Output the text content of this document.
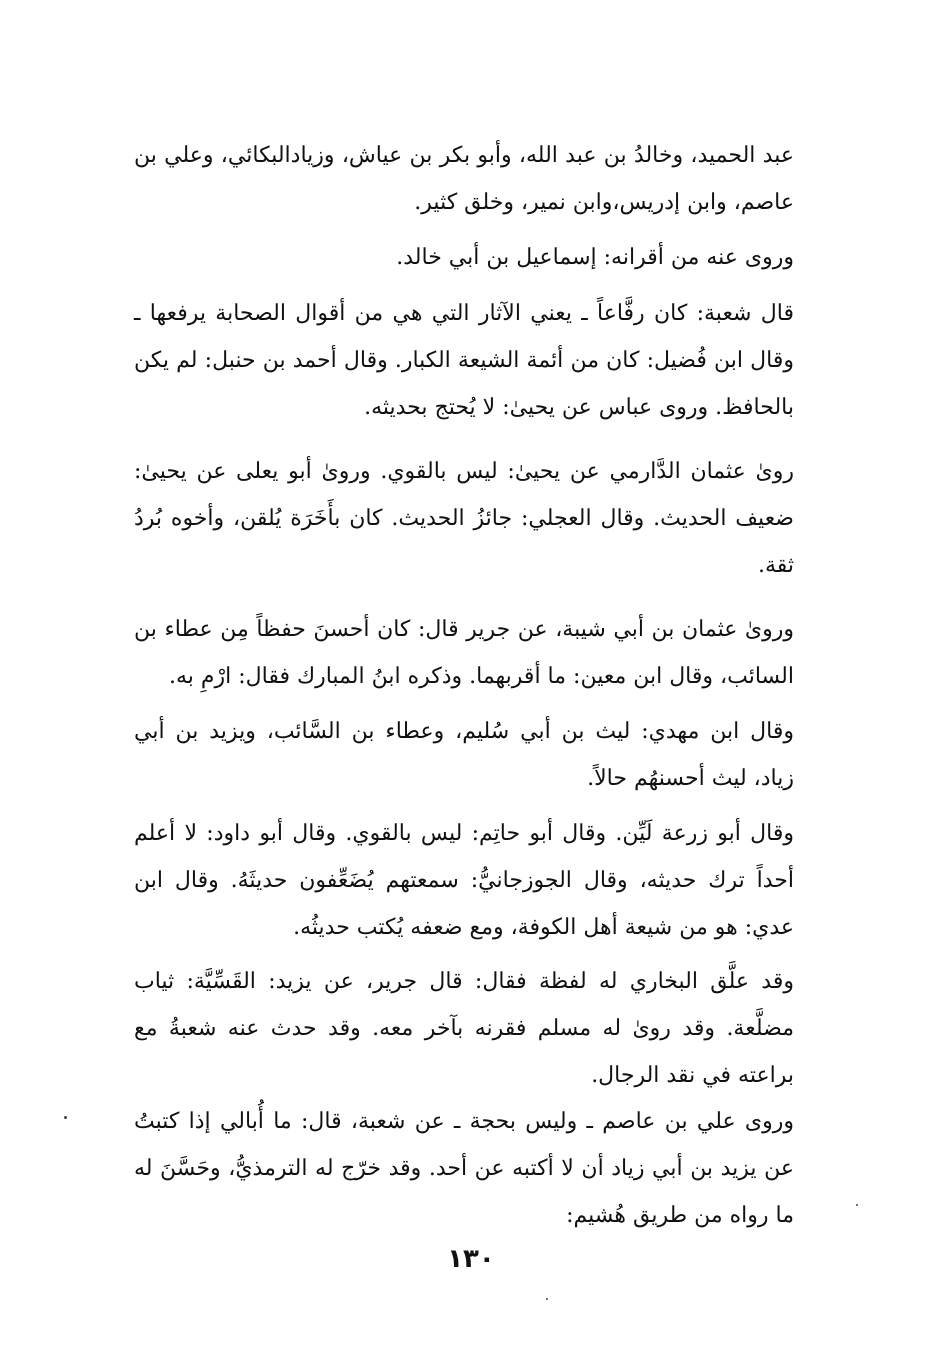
عبد الحميد، وخالدُ بن عبد الله، وأبو بكر بن عياش، وزيادالبكائي، وعلي بن عاصم، وابن إدريس،وابن نمير، وخلق كثير.

وروى عنه من أقرانه: إسماعيل بن أبي خالد.

قال شعبة: كان رفَّاعاً ـ يعني الآثار التي هي من أقوال الصحابة يرفعها ـ وقال ابن فُضيل: كان من أئمة الشيعة الكبار. وقال أحمد بن حنبل: لم يكن بالحافظ. وروى عباس عن يحيىٰ: لا يُحتج بحديثه.

روىٰ عثمان الدَّارمي عن يحيىٰ: ليس بالقوي. ورو‌ىٰ أبو يعلى عن يحيىٰ: ضعيف الحديث. وقال العجلي: جائزُ الحديث. كان بأَخَرَة يُلقن، وأخوه بُردُ ثقة.

ورو‌ىٰ عثمان بن أبي شيبة، عن جرير قال: كان أحسنَ حفظاً مِن عطاء بن السائب، وقال ابن معين: ما أقربهما. وذكره ابنُ المبارك فقال: ارْمِ به.

وقال ابن مهدي: ليث بن أبي سُليم، وعطاء بن السَّائب، ويزيد بن أبي زياد، ليث أحسنهُم حالاً.

وقال أبو زرعة لَيِّن. وقال أبو حاتِم: ليس بالقوي. وقال أبو داود: لا أعلم أحداً ترك حديثه، وقال الجوزجانيُّ: سمعتهم يُضَعِّفون حديثَهُ. وقال ابن عدي: هو من شيعة أهل الكوفة، ومع ضعفه يُكتب حديثُه.

وقد علَّق البخاري له لفظة فقال: قال جرير، عن يزيد: القَسِّيَّة: ثياب مضلَّعة. وقد رو‌ىٰ له مسلم فقرنه بآخر معه. وقد حدث عنه شعبةُ مع براعته في نقد الرجال.

وروى علي بن عاصم ـ وليس بحجة ـ عن شعبة، قال: ما أُبالي إذا كتبتُ عن يزيد بن أبي زياد أن لا أكتبه عن أحد. وقد خرّج له الترمذيُّ، وحَسَّنَ له ما رواه من طريق هُشيم:

١٣٠
